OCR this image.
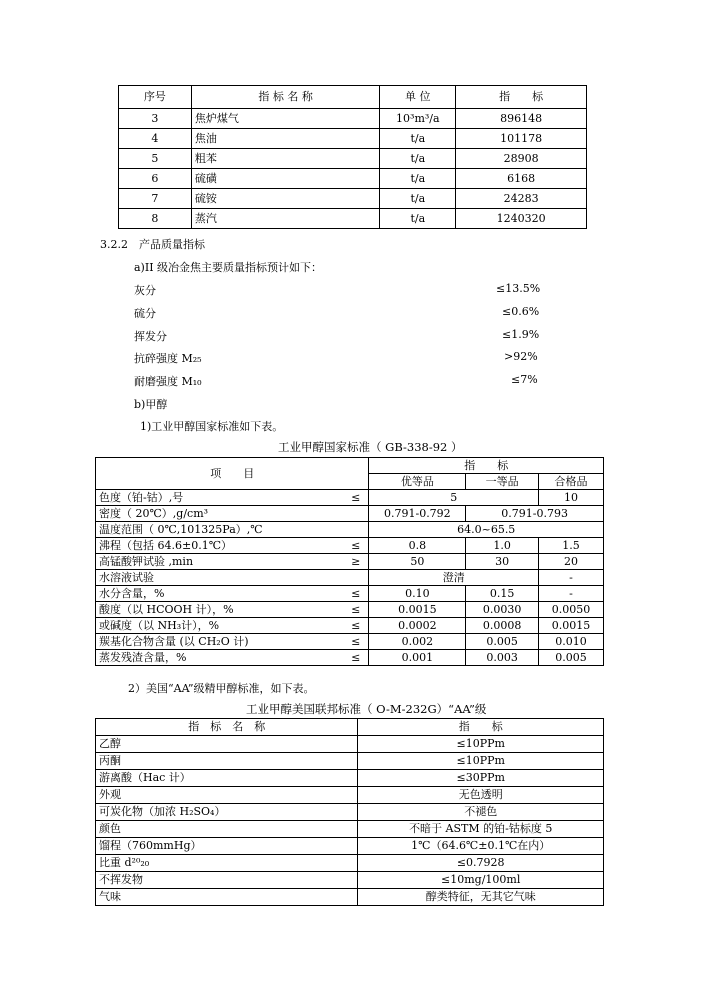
序号	指 标 名 称	单 位	指　　标
3	焦炉煤气	10³m³/a	896148
4	焦油	t/a	101178
5	粗苯	t/a	28908
6	硫磺	t/a	6168
7	硫铵	t/a	24283
8	蒸汽	t/a	1240320
3.2.2　产品质量指标
a)II 级冶金焦主要质量指标预计如下：
灰分	≤13.5%
硫分	≤0.6%
挥发分	≤1.9%
抗碎强度 M₂₅	>92%
耐磨强度 M₁₀	≤7%
b)甲醇
1)工业甲醇国家标准如下表。
工业甲醇国家标准（ GB-338-92 ）
项　　目		指　　标		
		优等品	一等品	合格品
色度（铂-钴）,号	≤	5		10
密度（ 20℃）,g/cm³		0.791-0.792	0.791-0.793	
温度范围（ 0℃,101325Pa）,℃		64.0~65.5		
沸程（包括 64.6±0.1℃）	≤	0.8	1.0	1.5
高锰酸钾试验 ,min	≥	50	30	20
水溶液试验		澄清		-
水分含量，%	≤	0.10	0.15	-
酸度（以 HCOOH 计），%	≤	0.0015	0.0030	0.0050
或碱度（以 NH₃计），%	≤	0.0002	0.0008	0.0015
羰基化合物含量 (以 CH₂O 计)	≤	0.002	0.005	0.010
蒸发残渣含量，%	≤	0.001	0.003	0.005
2）美国“AA”级精甲醇标准，如下表。
工业甲醇美国联邦标准（ O-M-232G）“AA”级
指　标　名　称	指　　标
乙醇	≤10PPm
丙酮	≤10PPm
游离酸（Hac 计）	≤30PPm
外观	无色透明
可炭化物（加浓 H₂SO₄）	不褪色
颜色	不暗于 ASTM 的铂-钴标度 5
馏程（760mmHg）	1℃（64.6℃±0.1℃在内）
比重 d²⁰₂₀	≤0.7928
不挥发物	≤10mg/100ml
气味	醇类特征，无其它气味
